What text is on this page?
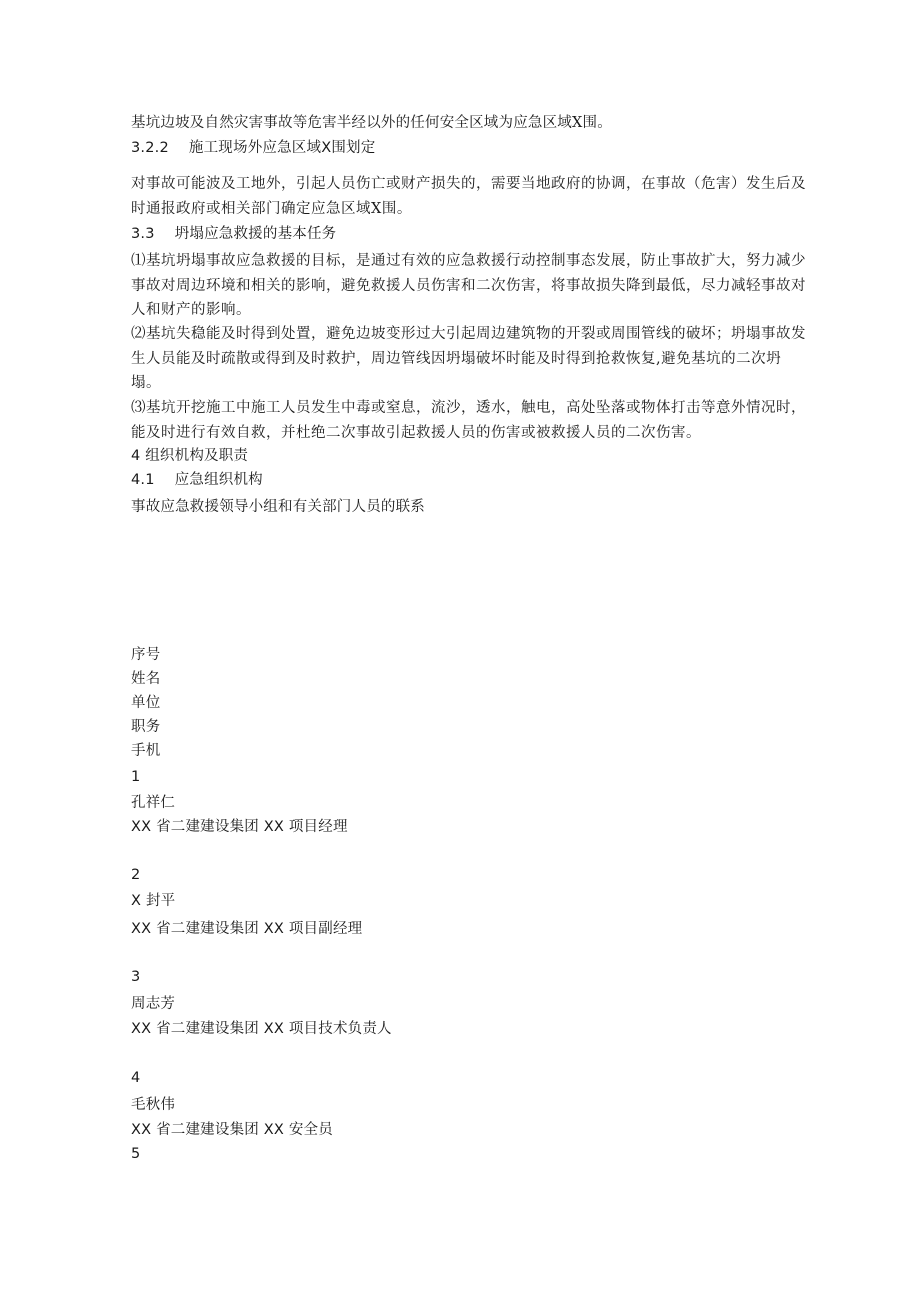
基坑边坡及自然灾害事故等危害半经以外的任何安全区域为应急区域Ⅹ围。
3.2.2 施工现场外应急区域Ⅹ围划定
对事故可能波及工地外，引起人员伤亡或财产损失的，需要当地政府的协调，在事故（危害）发生后及时通报政府或相关部门确定应急区域Ⅹ围。
3.3 坍塌应急救援的基本任务
⑴基坑坍塌事故应急救援的目标，是通过有效的应急救援行动控制事态发展，防止事故扩大，努力减少事故对周边环境和相关的影响，避免救援人员伤害和二次伤害，将事故损失降到最低，尽力减轻事故对人和财产的影响。
⑵基坑失稳能及时得到处置，避免边坡变形过大引起周边建筑物的开裂或周围管线的破坏；坍塌事故发生人员能及时疏散或得到及时救护，周边管线因坍塌破坏时能及时得到抢救恢复,避免基坑的二次坍塌。
⑶基坑开挖施工中施工人员发生中毒或窒息，流沙，透水，触电，高处坠落或物体打击等意外情况时，能及时进行有效自救，并杜绝二次事故引起救援人员的伤害或被救援人员的二次伤害。
4 组织机构及职责
4.1 应急组织机构
事故应急救援领导小组和有关部门人员的联系
序号
姓名
单位
职务
手机
1
孔祥仁
XX 省二建建设集团 XX 项目经理
2
X 封平
XX 省二建建设集团 XX 项目副经理
3
周志芳
XX 省二建建设集团 XX 项目技术负责人
4
毛秋伟
XX 省二建建设集团 XX 安全员
5
